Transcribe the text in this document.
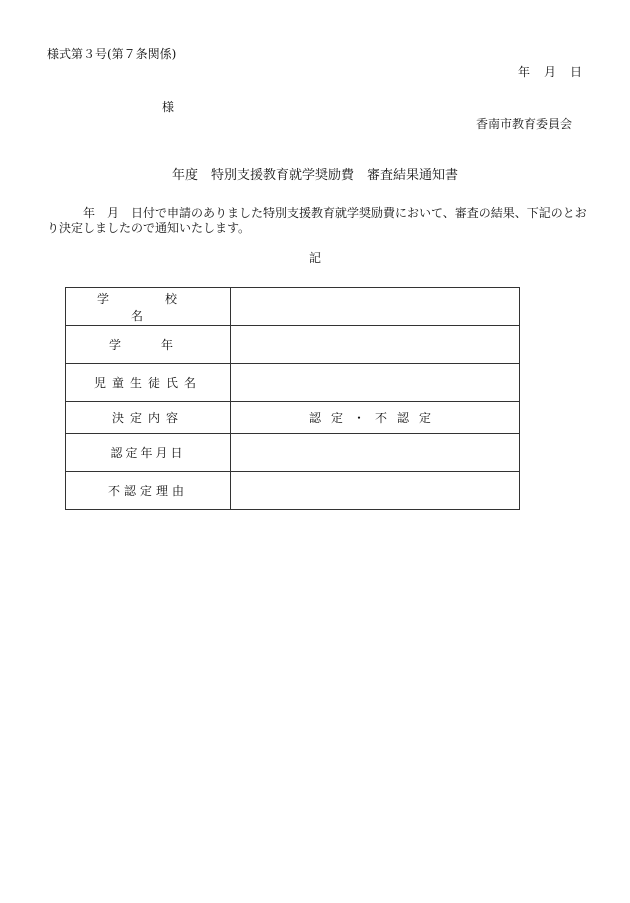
様式第３号(第７条関係)
年 月 日
様
香南市教育委員会
年度　特別支援教育就学奨励費　審査結果通知書
年　月　日付で申請のありました特別支援教育就学奨励費において、審査の結果、下記のとおり決定しましたので通知いたします。
記
学　校　名	
学　年	
児童生徒氏名	
決定内容	認定・不認定
認定年月日	
不認定理由	
